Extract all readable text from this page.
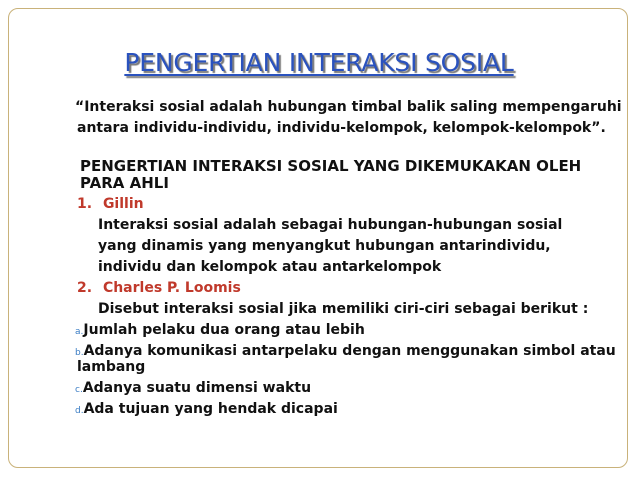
PENGERTIAN INTERAKSI SOSIAL

“Interaksi sosial adalah hubungan timbal balik saling mempengaruhi

antara individu-individu, individu-kelompok, kelompok-kelompok”.

PENGERTIAN INTERAKSI SOSIAL YANG DIKEMUKAKAN OLEH

PARA AHLI

1. Gillin

Interaksi sosial adalah sebagai hubungan-hubungan sosial

yang dinamis yang menyangkut hubungan antarindividu,

individu dan kelompok atau antarkelompok

2. Charles P. Loomis

Disebut interaksi sosial jika memiliki ciri-ciri sebagai berikut :

a.Jumlah pelaku dua orang atau lebih

b.Adanya komunikasi antarpelaku dengan menggunakan simbol atau

lambang

c.Adanya suatu dimensi waktu

d.Ada tujuan yang hendak dicapai
